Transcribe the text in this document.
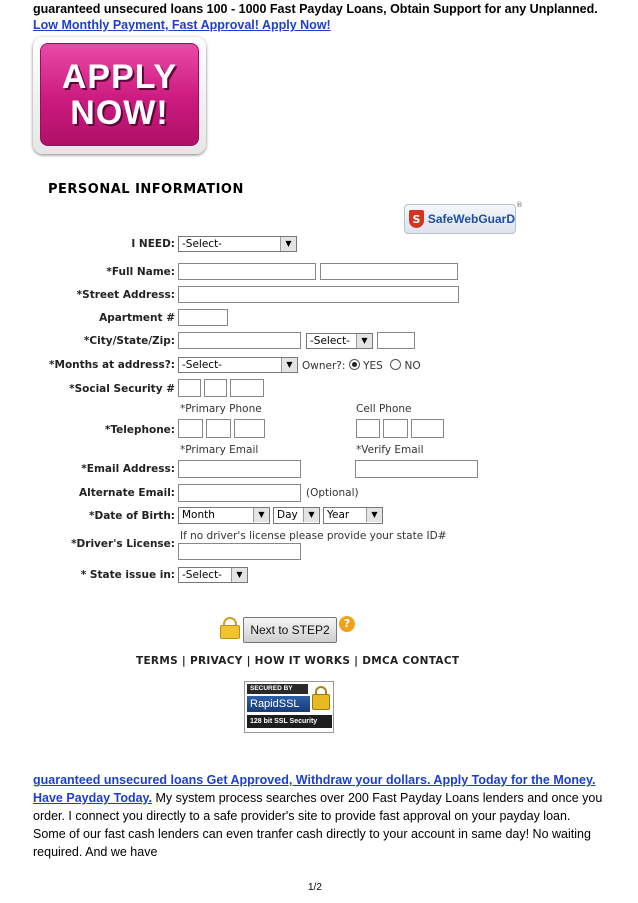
guaranteed unsecured loans 100 - 1000 Fast Payday Loans, Obtain Support for any Unplanned.
Low Monthly Payment, Fast Approval! Apply Now!
APPLY
NOW!
PERSONAL INFORMATION
S SafeWebGuarD
®
I NEED: -Select-	▼
*Full Name:
*Street Address:
Apartment #
*City/State/Zip:	-Select-	▼
*Months at address?: -Select-	▼ Owner?: YES NO
*Social Security #
*Primary Phone	Cell Phone
*Telephone:
*Primary Email	*Verify Email
*Email Address:
Alternate Email:	(Optional)
*Date of Birth: Month	▼	Day	▼	Year	▼
If no driver's license please provide your state ID#
*Driver's License:
* State issue in: -Select-	▼
Next to STEP2	?
TERMS | PRIVACY | HOW IT WORKS | DMCA CONTACT
SECURED BY
RapidSSL
128 bit SSL Security

guaranteed unsecured loans Get Approved, Withdraw your dollars. Apply Today for the Money. Have Payday Today. My system process searches over 200 Fast Payday Loans lenders and once you order. I connect you directly to a safe provider's site to provide fast approval on your payday loan. Some of our fast cash lenders can even tranfer cash directly to your account in same day! No waiting required. And we have

1/2
